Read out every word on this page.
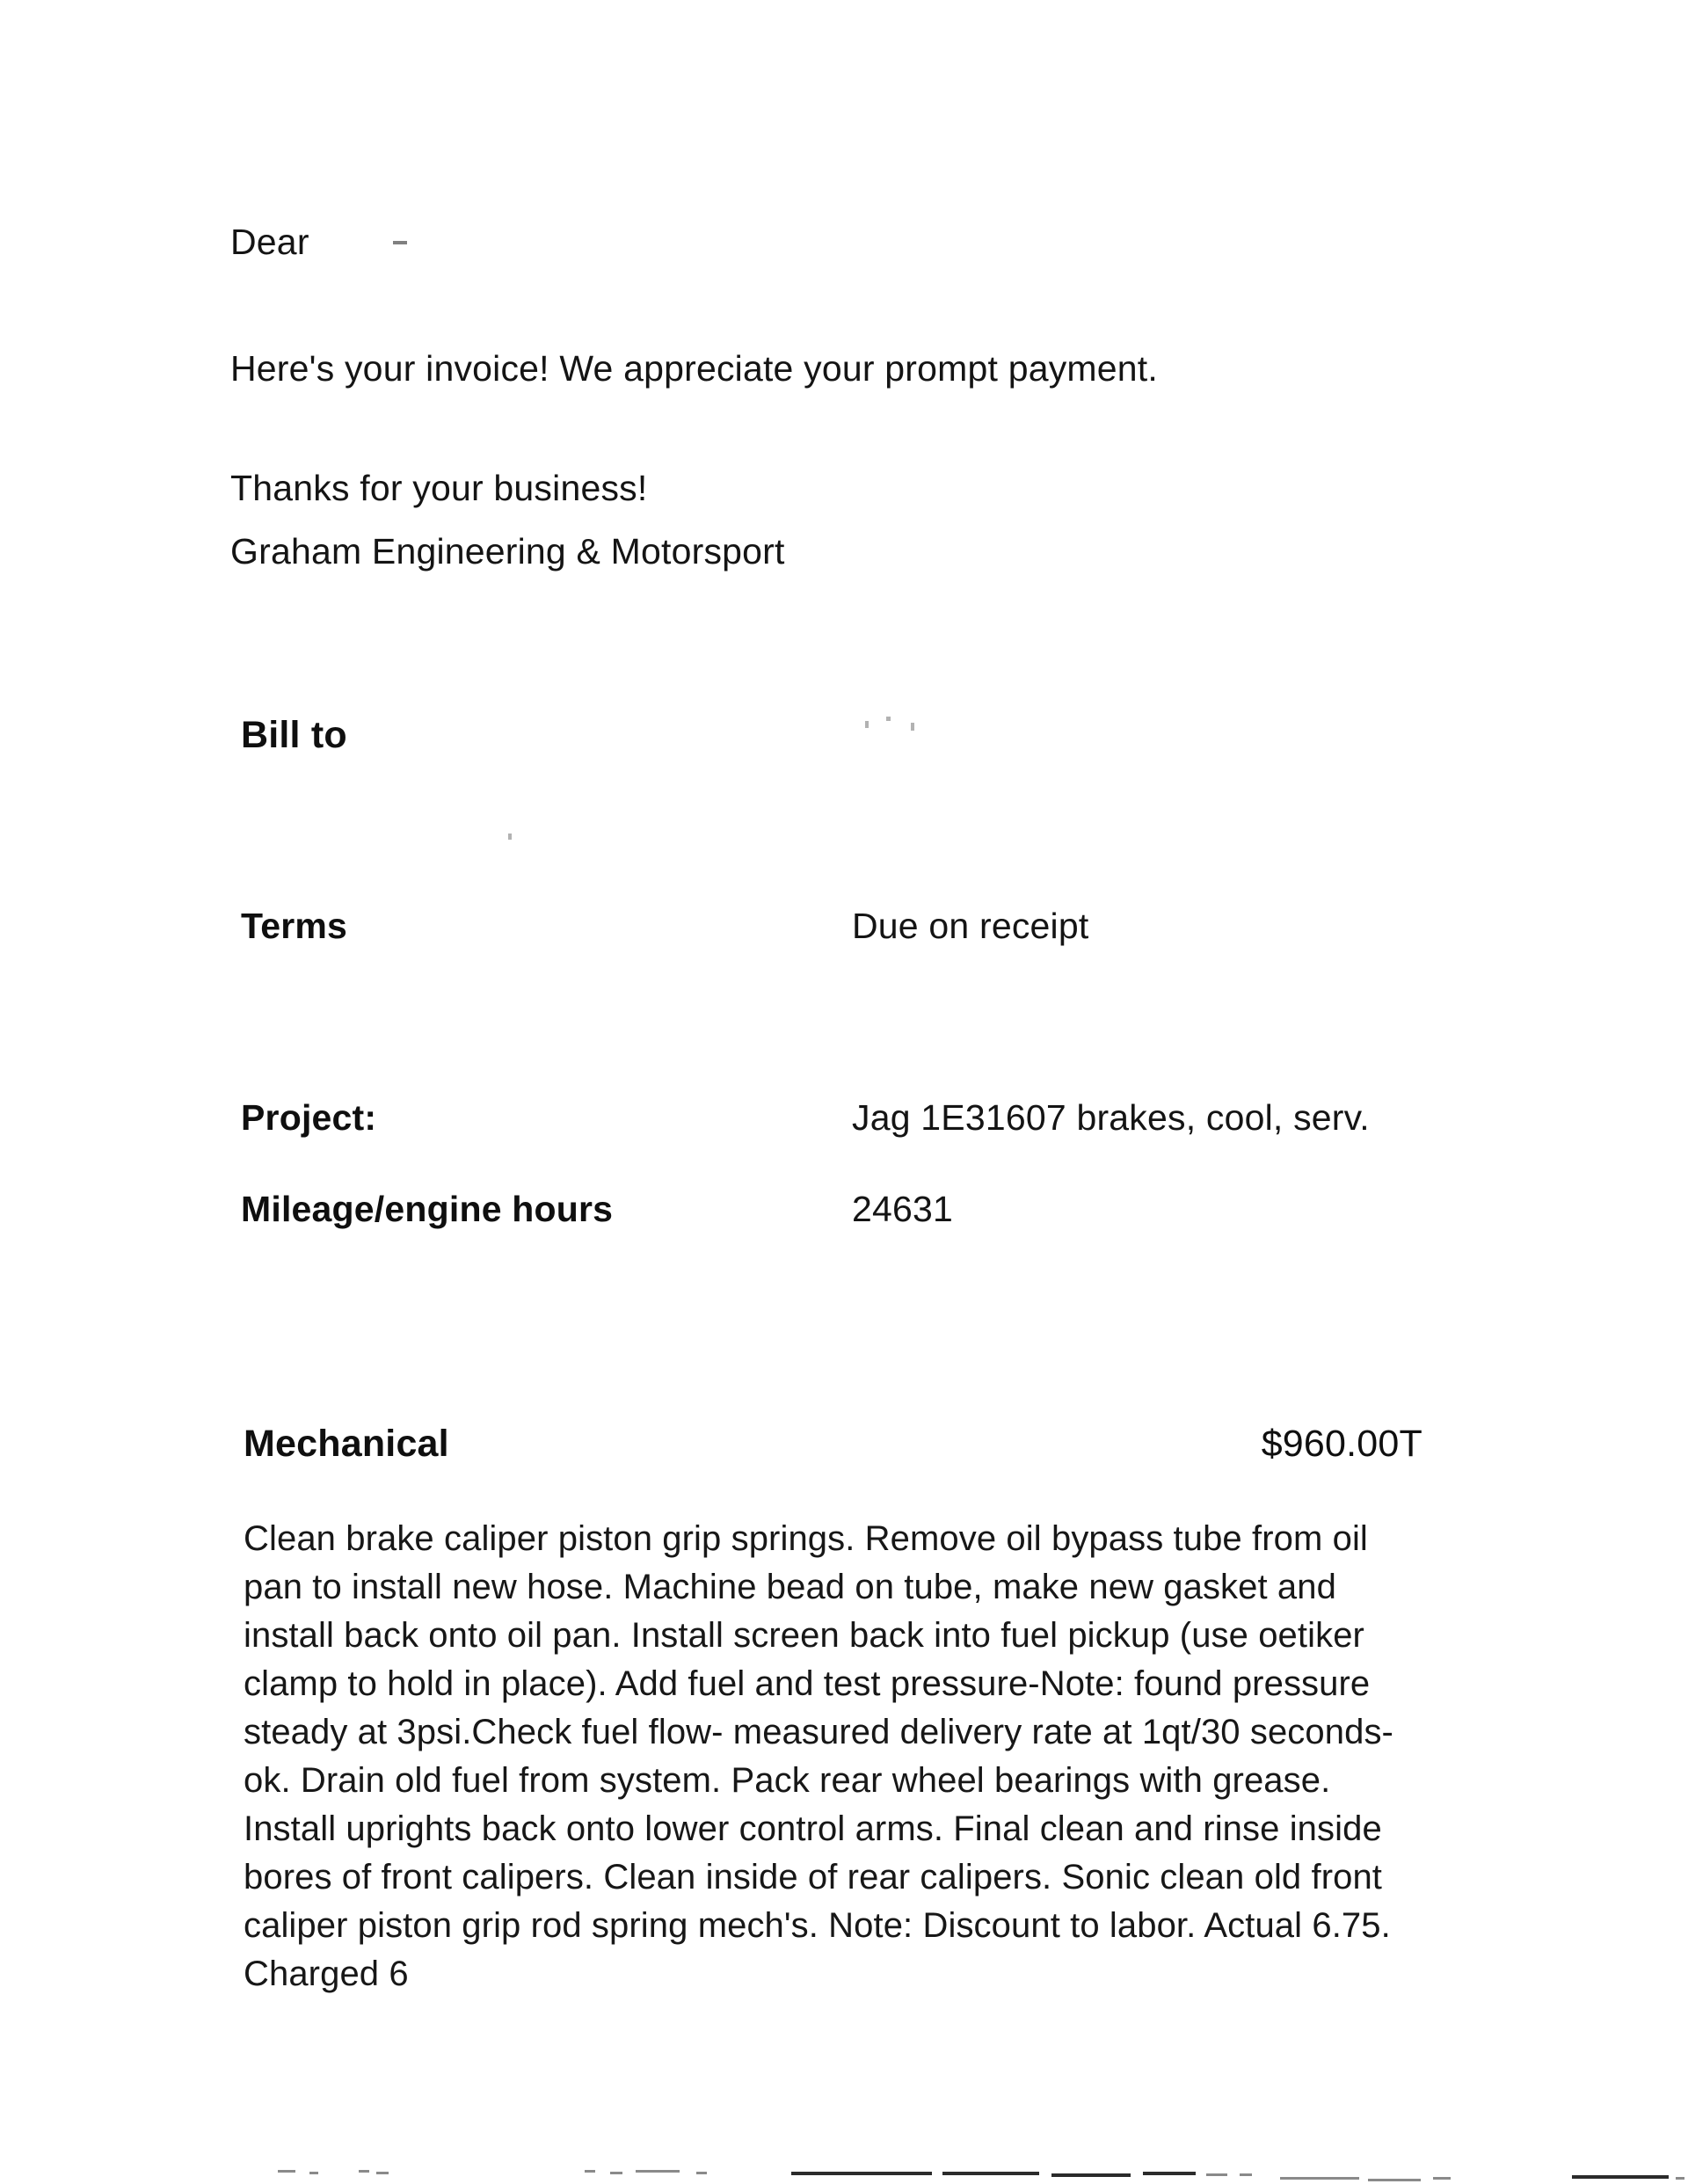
Dear
Here's your invoice! We appreciate your prompt payment.
Thanks for your business!
Graham Engineering & Motorsport
Bill to
Terms	Due on receipt
Project:	Jag 1E31607 brakes, cool, serv.
Mileage/engine hours	24631
Mechanical	$960.00T
Clean brake caliper piston grip springs. Remove oil bypass tube from oil
pan to install new hose. Machine bead on tube, make new gasket and
install back onto oil pan. Install screen back into fuel pickup (use oetiker
clamp to hold in place). Add fuel and test pressure-Note: found pressure
steady at 3psi.Check fuel flow- measured delivery rate at 1qt/30 seconds-
ok. Drain old fuel from system. Pack rear wheel bearings with grease.
Install uprights back onto lower control arms. Final clean and rinse inside
bores of front calipers. Clean inside of rear calipers. Sonic clean old front
caliper piston grip rod spring mech's. Note: Discount to labor. Actual 6.75.
Charged 6
